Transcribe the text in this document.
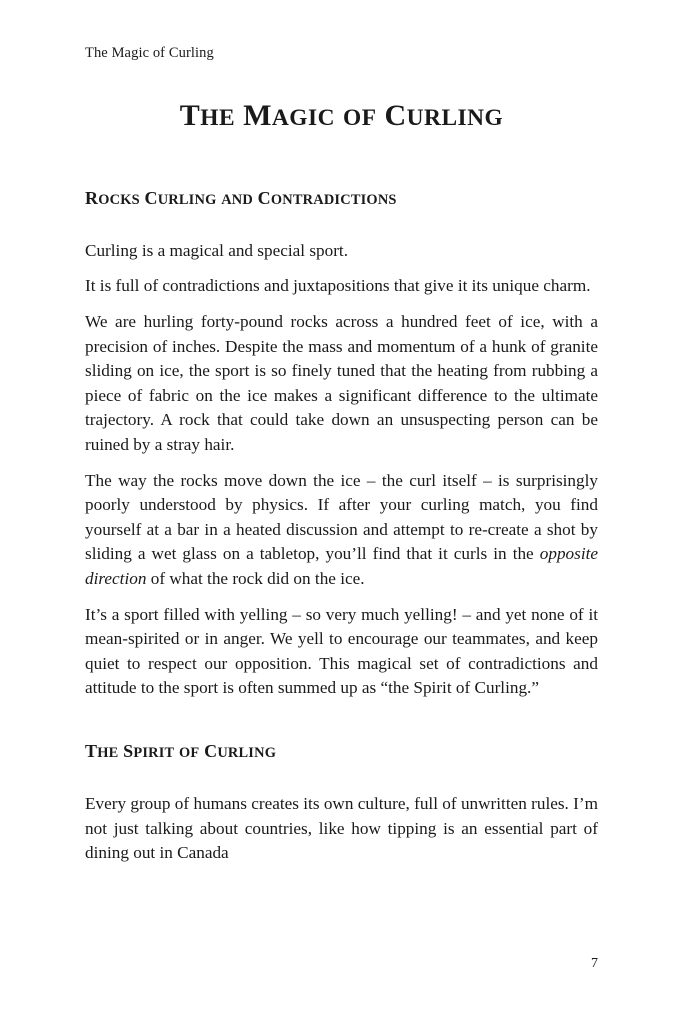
The Magic of Curling
THE MAGIC OF CURLING
ROCKS CURLING AND CONTRADICTIONS

Curling is a magical and special sport.

It is full of contradictions and juxtapositions that give it its unique charm.

We are hurling forty-pound rocks across a hundred feet of ice, with a precision of inches. Despite the mass and momentum of a hunk of granite sliding on ice, the sport is so finely tuned that the heating from rubbing a piece of fabric on the ice makes a significant difference to the ultimate trajectory. A rock that could take down an unsuspecting person can be ruined by a stray hair.

The way the rocks move down the ice – the curl itself – is surprisingly poorly understood by physics. If after your curling match, you find yourself at a bar in a heated discussion and attempt to re-create a shot by sliding a wet glass on a tabletop, you’ll find that it curls in the opposite direction of what the rock did on the ice.

It’s a sport filled with yelling – so very much yelling! – and yet none of it mean-spirited or in anger. We yell to encourage our teammates, and keep quiet to respect our opposition. This magical set of contradictions and attitude to the sport is often summed up as “the Spirit of Curling.”

THE SPIRIT OF CURLING

Every group of humans creates its own culture, full of unwritten rules. I’m not just talking about countries, like how tipping is an essential part of dining out in Canada

7
